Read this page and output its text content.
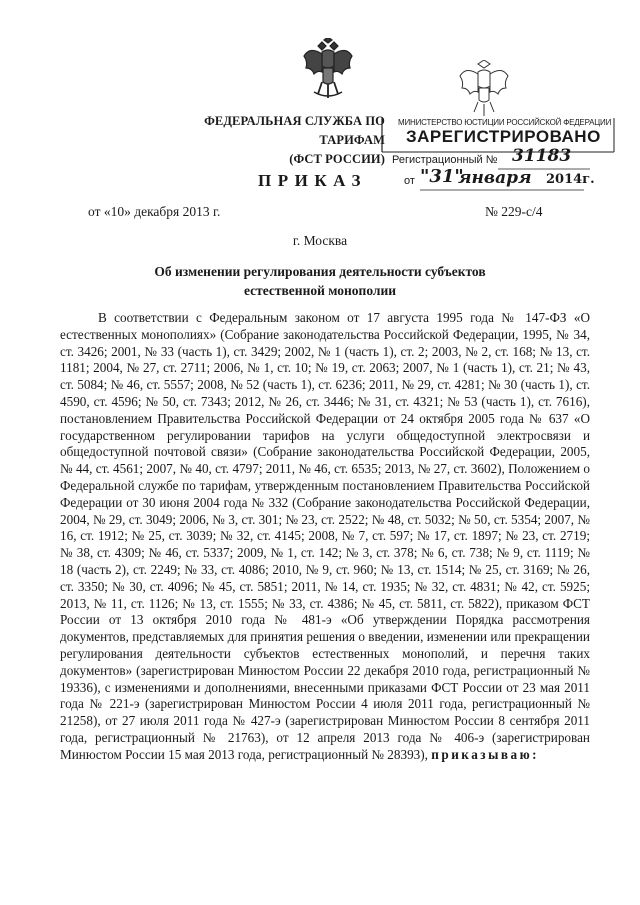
ФЕДЕРАЛЬНАЯ СЛУЖБА ПО ТАРИФАМ
(ФСТ РОССИИ)
МИНИСТЕРСТВО ЮСТИЦИИ РОССИЙСКОЙ ФЕДЕРАЦИИ
ЗАРЕГИСТРИРОВАНО
Регистрационный № 31183
от "31"
января 2014г.
ПРИКАЗ
от «10» декабря 2013 г.	№ 229-с/4
г. Москва
Об изменении регулирования деятельности субъектов
естественной монополии
В соответствии с Федеральным законом от 17 августа 1995 года № 147-ФЗ «О естественных монополиях» (Собрание законодательства Российской Федерации, 1995, № 34, ст. 3426; 2001, № 33 (часть 1), ст. 3429; 2002, № 1 (часть 1), ст. 2; 2003, № 2, ст. 168; № 13, ст. 1181; 2004, № 27, ст. 2711; 2006, № 1, ст. 10; № 19, ст. 2063; 2007, № 1 (часть 1), ст. 21; № 43, ст. 5084; № 46, ст. 5557; 2008, № 52 (часть 1), ст. 6236; 2011, № 29, ст. 4281; № 30 (часть 1), ст. 4590, ст. 4596; № 50, ст. 7343; 2012, № 26, ст. 3446; № 31, ст. 4321; № 53 (часть 1), ст. 7616), постановлением Правительства Российской Федерации от 24 октября 2005 года № 637 «О государственном регулировании тарифов на услуги общедоступной электросвязи и общедоступной почтовой связи» (Собрание законодательства Российской Федерации, 2005, № 44, ст. 4561; 2007, № 40, ст. 4797; 2011, № 46, ст. 6535; 2013, № 27, ст. 3602), Положением о Федеральной службе по тарифам, утвержденным постановлением Правительства Российской Федерации от 30 июня 2004 года № 332 (Собрание законодательства Российской Федерации, 2004, № 29, ст. 3049; 2006, № 3, ст. 301; № 23, ст. 2522; № 48, ст. 5032; № 50, ст. 5354; 2007, № 16, ст. 1912; № 25, ст. 3039; № 32, ст. 4145; 2008, № 7, ст. 597; № 17, ст. 1897; № 23, ст. 2719; № 38, ст. 4309; № 46, ст. 5337; 2009, № 1, ст. 142; № 3, ст. 378; № 6, ст. 738; № 9, ст. 1119; № 18 (часть 2), ст. 2249; № 33, ст. 4086; 2010, № 9, ст. 960; № 13, ст. 1514; № 25, ст. 3169; № 26, ст. 3350; № 30, ст. 4096; № 45, ст. 5851; 2011, № 14, ст. 1935; № 32, ст. 4831; № 42, ст. 5925; 2013, № 11, ст. 1126; № 13, ст. 1555; № 33, ст. 4386; № 45, ст. 5811, ст. 5822), приказом ФСТ России от 13 октября 2010 года № 481-э «Об утверждении Порядка рассмотрения документов, представляемых для принятия решения о введении, изменении или прекращении регулирования деятельности субъектов естественных монополий, и перечня таких документов» (зарегистрирован Минюстом России 22 декабря 2010 года, регистрационный № 19336), с изменениями и дополнениями, внесенными приказами ФСТ России от 23 мая 2011 года № 221-э (зарегистрирован Минюстом России 4 июля 2011 года, регистрационный № 21258), от 27 июля 2011 года № 427-э (зарегистрирован Минюстом России 8 сентября 2011 года, регистрационный № 21763), от 12 апреля 2013 года № 406-э (зарегистрирован Минюстом России 15 мая 2013 года, регистрационный № 28393), приказываю:
